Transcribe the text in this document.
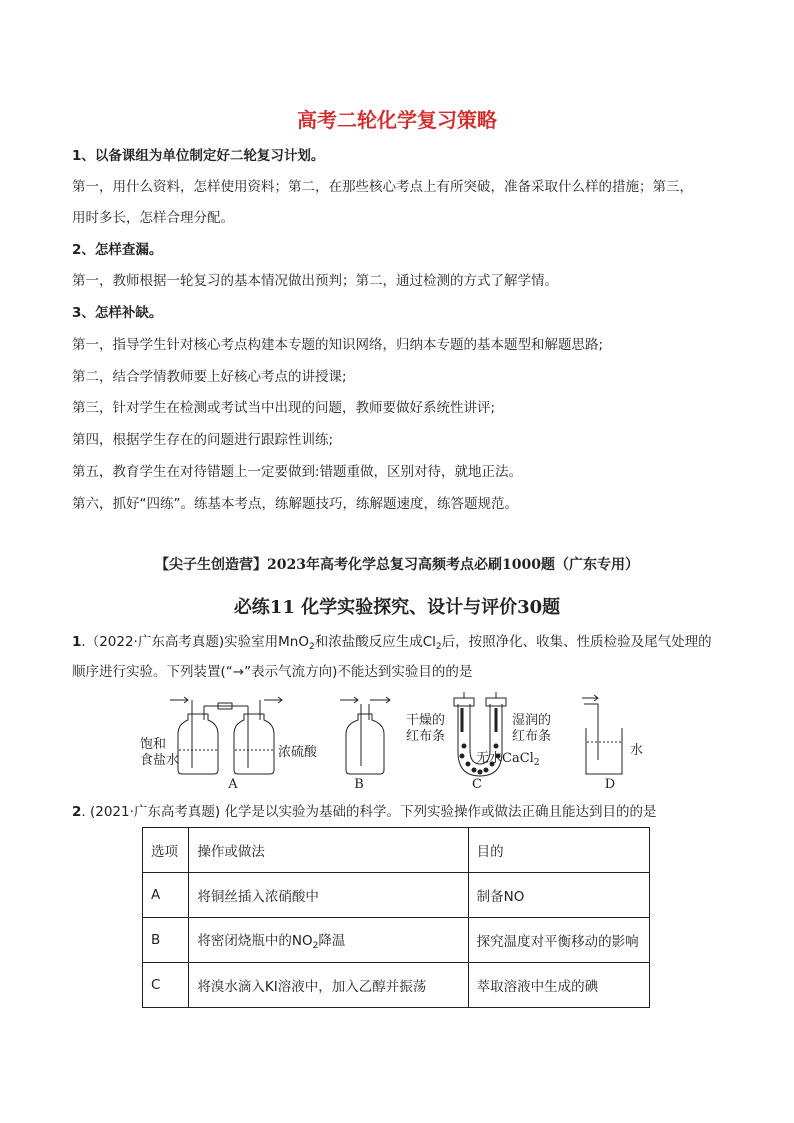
高考二轮化学复习策略
1、以备课组为单位制定好二轮复习计划。
第一，用什么资料，怎样使用资料；第二，在那些核心考点上有所突破，准备采取什么样的措施；第三，
用时多长，怎样合理分配。
2、怎样查漏。
第一，教师根据一轮复习的基本情况做出预判；第二，通过检测的方式了解学情。
3、怎样补缺。
第一，指导学生针对核心考点构建本专题的知识网络，归纳本专题的基本题型和解题思路;
第二，结合学情教师要上好核心考点的讲授课;
第三，针对学生在检测或考试当中出现的问题，教师要做好系统性讲评;
第四，根据学生存在的问题进行跟踪性训练;
第五，教育学生在对待错题上一定要做到:错题重做，区别对待，就地正法。
第六，抓好“四练”。练基本考点，练解题技巧，练解题速度，练答题规范。
【尖子生创造营】2023年高考化学总复习高频考点必刷1000题（广东专用）
必练11 化学实验探究、设计与评价30题
1.（2022·广东高考真题)实验室用MnO$_2$和浓盐酸反应生成$Cl_2$后，按照净化、收集、性质检验及尾气处理的
顺序进行实验。下列装置(“→”表示气流方向)不能达到实验目的的是
饱和
食盐水
浓硫酸
干燥的
红布条
湿润的
红布条
无水CaCl$_2$
水
A	B	C	D
2. (2021·广东高考真题) 化学是以实验为基础的科学。下列实验操作或做法正确且能达到目的的是
选项	操作或做法	目的
A	将铜丝插入浓硝酸中	制备NO
B	将密闭烧瓶中的$NO_2$降温	探究温度对平衡移动的影响
C	将溴水滴入KI溶液中，加入乙醇并振荡	萃取溶液中生成的碘
